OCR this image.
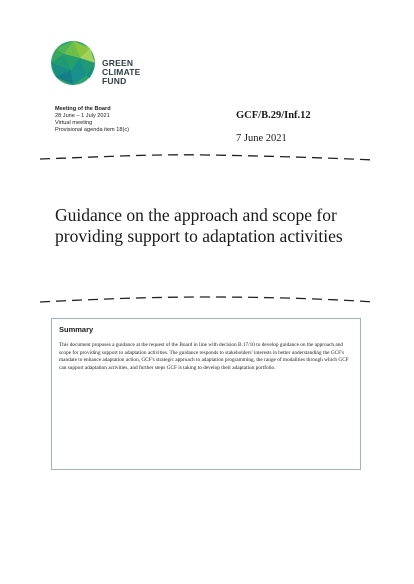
GREEN
CLIMATE
FUND
Meeting of the Board
28 June – 1 July 2021
Virtual meeting
Provisional agenda item 18(c)
GCF/B.29/Inf.12
7 June 2021
Guidance on the approach and scope for providing support to adaptation activities
Summary
This document proposes a guidance at the request of the Board in line with decision B.17/10 to develop guidance on the approach and scope for providing support to adaptation activities. The guidance responds to stakeholders' interests in better understanding the GCF's mandate to enhance adaptation action, GCF's strategic approach to adaptation programming, the range of modalities through which GCF can support adaptation activities, and further steps GCF is taking to develop their adaptation portfolio.
